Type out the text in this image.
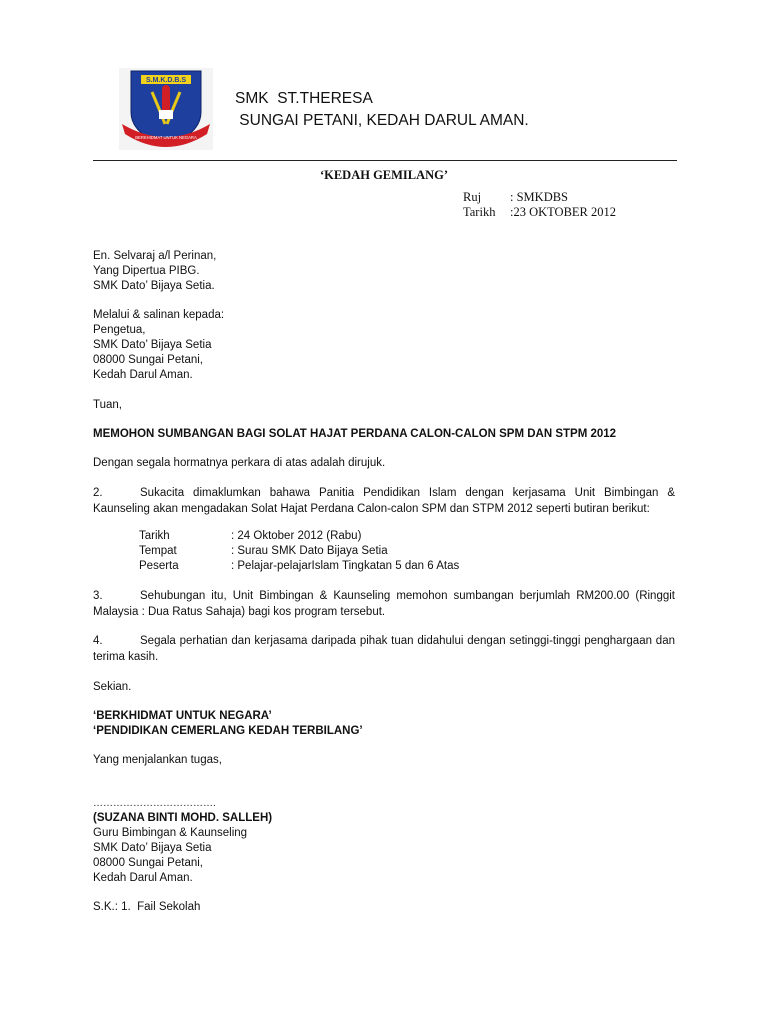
S.M.K.D.B.S
BERKHIDMAT UNTUK NEGARA
SMK  ST.THERESA
SUNGAI PETANI, KEDAH DARUL AMAN.
‘KEDAH GEMILANG’
Ruj : SMKDBS
Tarikh :23 OKTOBER 2012
En. Selvaraj a/l Perinan,
Yang Dipertua PIBG.
SMK Dato’ Bijaya Setia.
Melalui & salinan kepada:
Pengetua,
SMK Dato’ Bijaya Setia
08000 Sungai Petani,
Kedah Darul Aman.
Tuan,
MEMOHON SUMBANGAN BAGI SOLAT HAJAT PERDANA CALON-CALON SPM DAN STPM 2012
Dengan segala hormatnya perkara di atas adalah dirujuk.
2.	Sukacita dimaklumkan bahawa Panitia Pendidikan Islam dengan kerjasama Unit Bimbingan & Kaunseling akan mengadakan Solat Hajat Perdana Calon-calon SPM dan STPM 2012 seperti butiran berikut:
Tarikh	: 24 Oktober 2012 (Rabu)
Tempat	: Surau SMK Dato Bijaya Setia
Peserta	: Pelajar-pelajarIslam Tingkatan 5 dan 6 Atas
3.	Sehubungan itu, Unit Bimbingan & Kaunseling memohon sumbangan berjumlah RM200.00 (Ringgit Malaysia : Dua Ratus Sahaja) bagi kos program tersebut.
4.	Segala perhatian dan kerjasama daripada pihak tuan didahului dengan setinggi-tinggi penghargaan dan terima kasih.
Sekian.
‘BERKHIDMAT UNTUK NEGARA’
‘PENDIDIKAN CEMERLANG KEDAH TERBILANG’
Yang menjalankan tugas,
……………………………….
(SUZANA BINTI MOHD. SALLEH)
Guru Bimbingan & Kaunseling
SMK Dato’ Bijaya Setia
08000 Sungai Petani,
Kedah Darul Aman.
S.K.: 1.  Fail Sekolah
